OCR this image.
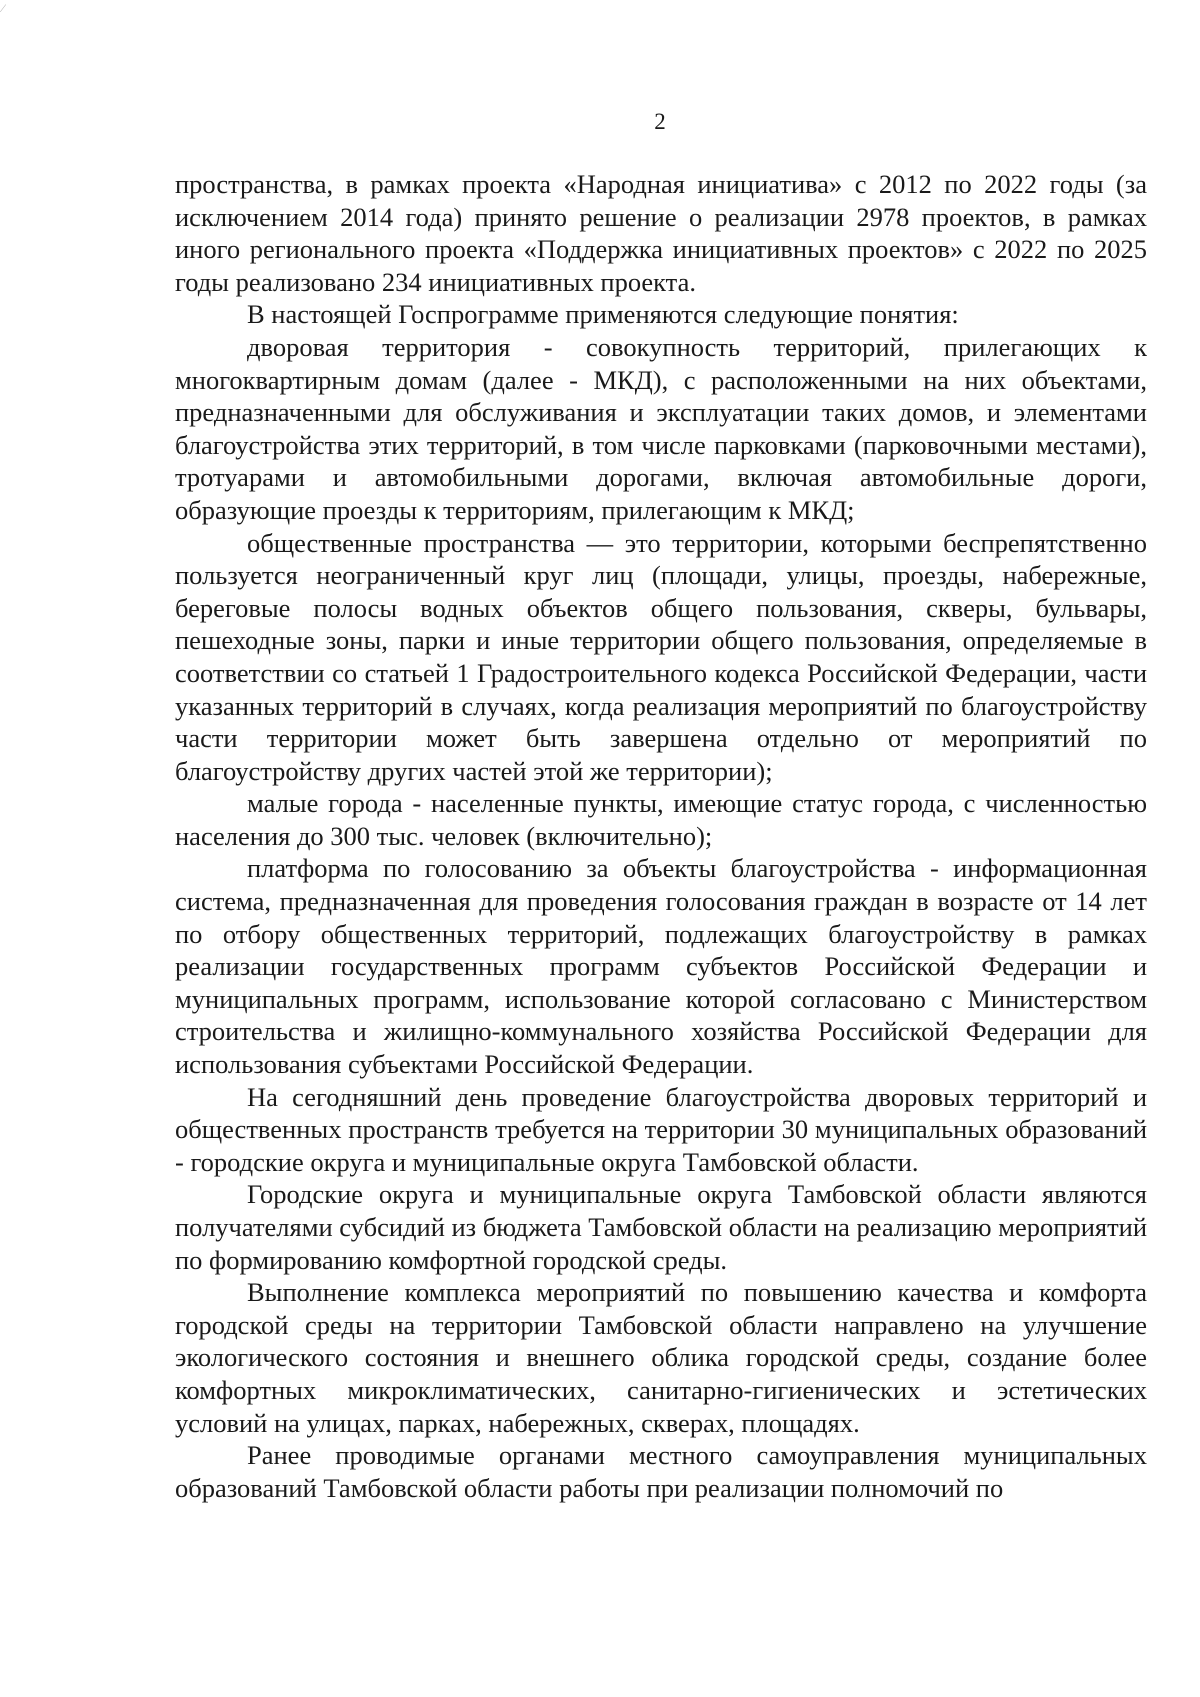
⁄
2

пространства, в рамках проекта «Народная инициатива» с 2012 по 2022 годы (за исключением 2014 года) принято решение о реализации 2978 проектов, в рамках иного регионального проекта «Поддержка инициативных проектов» с 2022 по 2025 годы реализовано 234 инициативных проекта.

В настоящей Госпрограмме применяются следующие понятия:

дворовая территория - совокупность территорий, прилегающих к многоквартирным домам (далее - МКД), с расположенными на них объектами, предназначенными для обслуживания и эксплуатации таких домов, и элементами благоустройства этих территорий, в том числе парковками (парковочными местами), тротуарами и автомобильными дорогами, включая автомобильные дороги, образующие проезды к территориям, прилегающим к МКД;

общественные пространства — это территории, которыми беспрепятственно пользуется неограниченный круг лиц (площади, улицы, проезды, набережные, береговые полосы водных объектов общего пользования, скверы, бульвары, пешеходные зоны, парки и иные территории общего пользования, определяемые в соответствии со статьей 1 Градостроительного кодекса Российской Федерации, части указанных территорий в случаях, когда реализация мероприятий по благоустройству части территории может быть завершена отдельно от мероприятий по благоустройству других частей этой же территории);

малые города - населенные пункты, имеющие статус города, с численностью населения до 300 тыс. человек (включительно);

платформа по голосованию за объекты благоустройства - информационная система, предназначенная для проведения голосования граждан в возрасте от 14 лет по отбору общественных территорий, подлежащих благоустройству в рамках реализации государственных программ субъектов Российской Федерации и муниципальных программ, использование которой согласовано с Министерством строительства и жилищно-коммунального хозяйства Российской Федерации для использования субъектами Российской Федерации.

На сегодняшний день проведение благоустройства дворовых территорий и общественных пространств требуется на территории 30 муниципальных образований - городские округа и муниципальные округа Тамбовской области.

Городские округа и муниципальные округа Тамбовской области являются получателями субсидий из бюджета Тамбовской области на реализацию мероприятий по формированию комфортной городской среды.

Выполнение комплекса мероприятий по повышению качества и комфорта городской среды на территории Тамбовской области направлено на улучшение экологического состояния и внешнего облика городской среды, создание более комфортных микроклиматических, санитарно-гигиенических и эстетических условий на улицах, парках, набережных, скверах, площадях.

Ранее проводимые органами местного самоуправления муниципальных образований Тамбовской области работы при реализации полномочий по
